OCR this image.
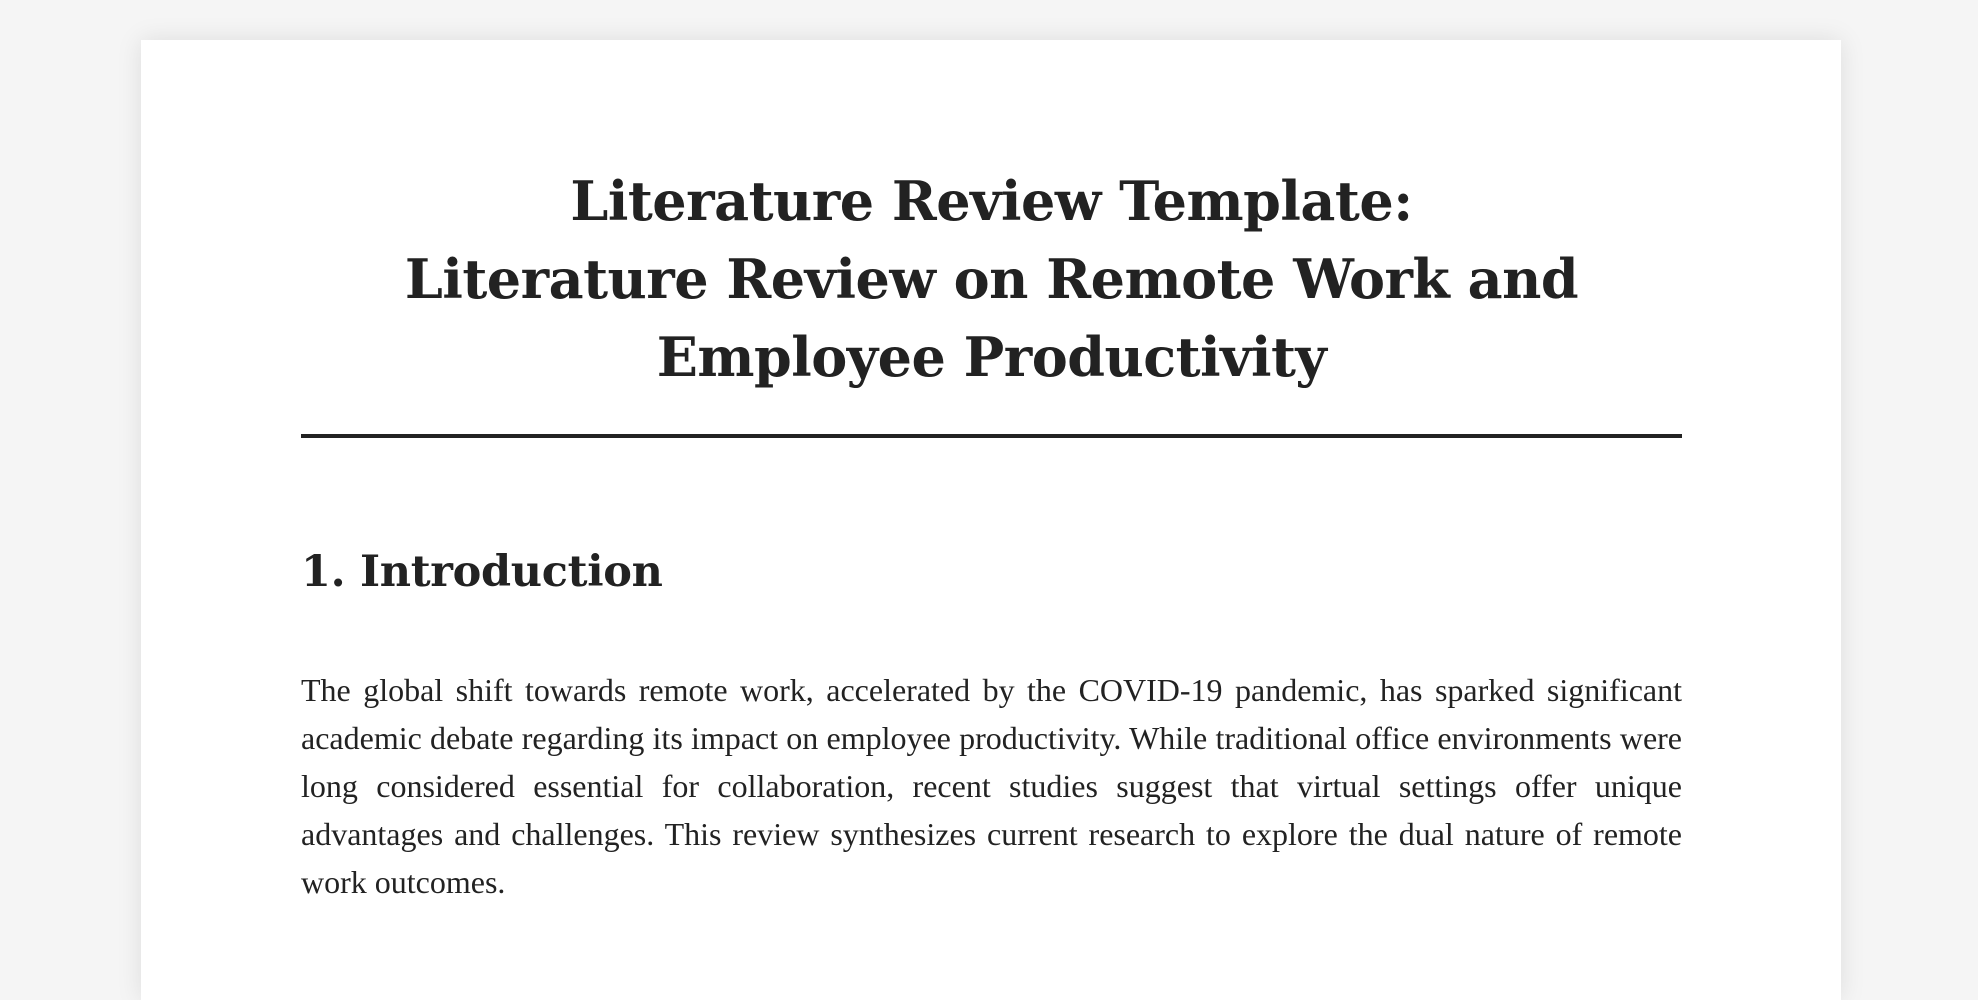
Literature Review Template:
Literature Review on Remote Work and
Employee Productivity
1. Introduction

The global shift towards remote work, accelerated by the COVID-19 pandemic, has sparked significant academic debate regarding its impact on employee productivity. While traditional office environments were long considered essential for collaboration, recent studies suggest that virtual settings offer unique advantages and challenges. This review synthesizes current research to explore the dual nature of remote work outcomes.
